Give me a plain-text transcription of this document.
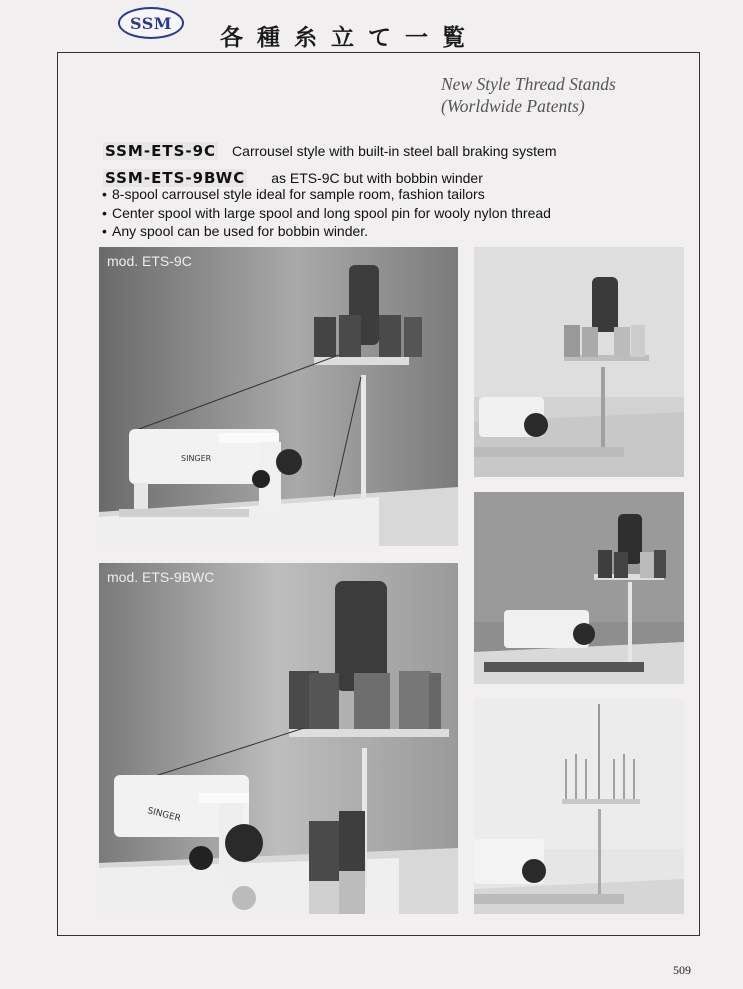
SSM
各種糸立て一覧
New Style Thread Stands
(Worldwide Patents)
SSM-ETS-9C Carrousel style with built-in steel ball braking system
SSM-ETS-9BWC as ETS-9C but with bobbin winder
• 8-spool carrousel style ideal for sample room, fashion tailors
• Center spool with large spool and long spool pin for wooly nylon thread
• Any spool can be used for bobbin winder.
SINGER
mod. ETS-9C
SINGER
mod. ETS-9BWC
509
